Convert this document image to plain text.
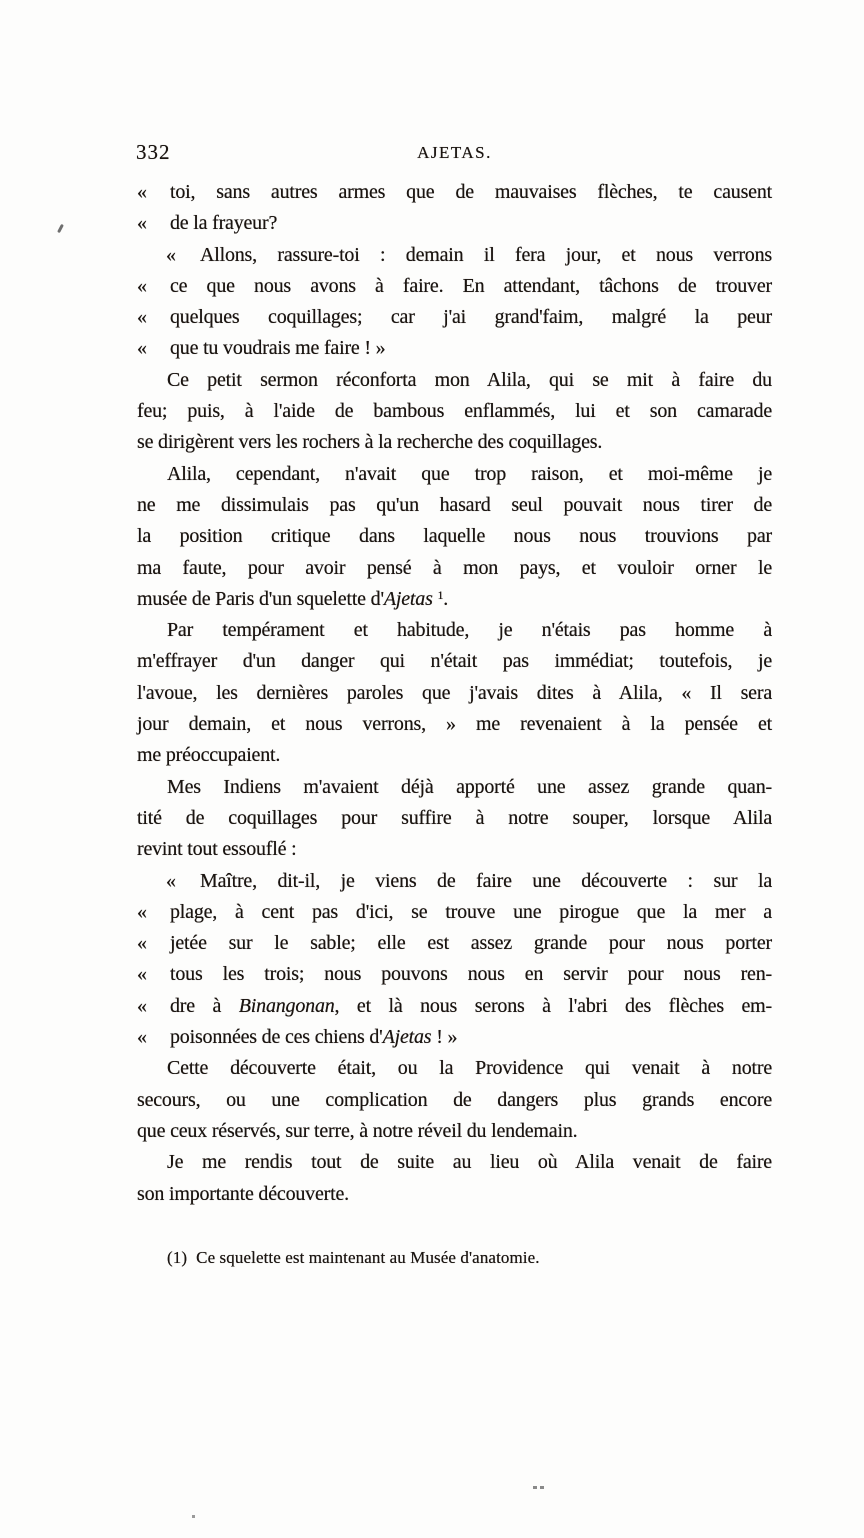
332	AJETAS.
« toi, sans autres armes que de mauvaises flèches, te causent
« de la frayeur?
« Allons, rassure-toi : demain il fera jour, et nous verrons
« ce que nous avons à faire. En attendant, tâchons de trouver
« quelques coquillages; car j'ai grand'faim, malgré la peur
« que tu voudrais me faire ! »
Ce petit sermon réconforta mon Alila, qui se mit à faire du
feu; puis, à l'aide de bambous enflammés, lui et son camarade
se dirigèrent vers les rochers à la recherche des coquillages.
Alila, cependant, n'avait que trop raison, et moi-même je
ne me dissimulais pas qu'un hasard seul pouvait nous tirer de
la position critique dans laquelle nous nous trouvions par
ma faute, pour avoir pensé à mon pays, et vouloir orner le
musée de Paris d'un squelette d'Ajetas $^1$.
Par tempérament et habitude, je n'étais pas homme à
m'effrayer d'un danger qui n'était pas immédiat; toutefois, je
l'avoue, les dernières paroles que j'avais dites à Alila, « Il sera
jour demain, et nous verrons, » me revenaient à la pensée et
me préoccupaient.
Mes Indiens m'avaient déjà apporté une assez grande quan-
tité de coquillages pour suffire à notre souper, lorsque Alila
revint tout essouflé :
« Maître, dit-il, je viens de faire une découverte : sur la
« plage, à cent pas d'ici, se trouve une pirogue que la mer a
« jetée sur le sable; elle est assez grande pour nous porter
« tous les trois; nous pouvons nous en servir pour nous ren-
« dre à Binangonan, et là nous serons à l'abri des flèches em-
« poisonnées de ces chiens d'Ajetas ! »
Cette découverte était, ou la Providence qui venait à notre
secours, ou une complication de dangers plus grands encore
que ceux réservés, sur terre, à notre réveil du lendemain.
Je me rendis tout de suite au lieu où Alila venait de faire
son importante découverte.
(1) Ce squelette est maintenant au Musée d'anatomie.
